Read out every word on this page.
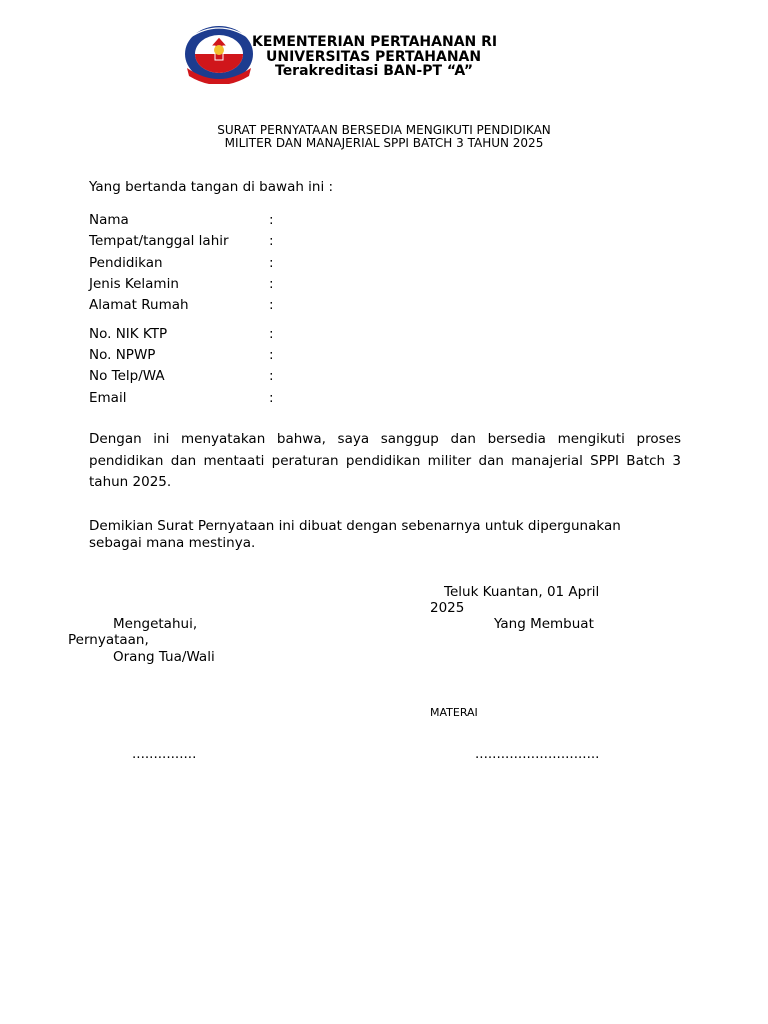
KEMENTERIAN PERTAHANAN RI
UNIVERSITAS PERTAHANAN
Terakreditasi BAN-PT “A”
SURAT PERNYATAAN BERSEDIA MENGIKUTI PENDIDIKAN
MILITER DAN MANAJERIAL SPPI BATCH 3 TAHUN 2025
Yang bertanda tangan di bawah ini :
Nama	:
Tempat/tanggal lahir	:
Pendidikan	:
Jenis Kelamin	:
Alamat Rumah	:
No. NIK KTP	:
No. NPWP	:
No Telp/WA	:
Email	:
Dengan ini menyatakan bahwa, saya sanggup dan bersedia mengikuti proses pendidikan dan mentaati peraturan pendidikan militer dan manajerial SPPI Batch 3 tahun 2025.
Demikian Surat Pernyataan ini dibuat dengan sebenarnya untuk dipergunakan
sebagai mana mestinya.
Teluk Kuantan, 01 April
2025
Mengetahui,	Yang Membuat
Pernyataan,
Orang Tua/Wali
MATERAI
...............	.............................
